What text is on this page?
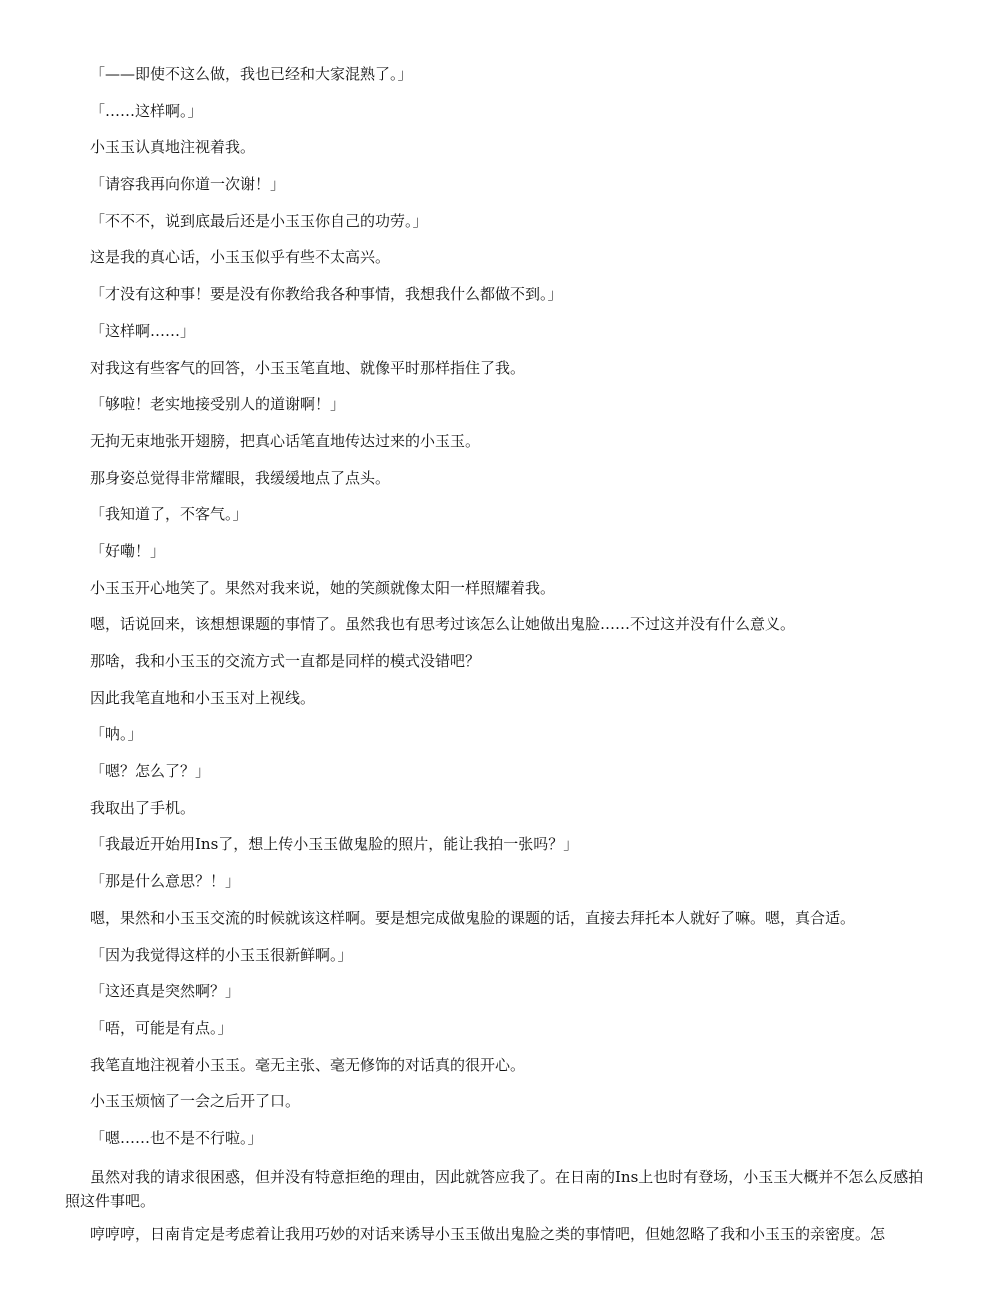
「——即使不这么做，我也已经和大家混熟了。」

「……这样啊。」

小玉玉认真地注视着我。

「请容我再向你道一次谢！」

「不不不，说到底最后还是小玉玉你自己的功劳。」

这是我的真心话，小玉玉似乎有些不太高兴。

「才没有这种事！要是没有你教给我各种事情，我想我什么都做不到。」

「这样啊……」

对我这有些客气的回答，小玉玉笔直地、就像平时那样指住了我。

「够啦！老实地接受别人的道谢啊！」

无拘无束地张开翅膀，把真心话笔直地传达过来的小玉玉。

那身姿总觉得非常耀眼，我缓缓地点了点头。

「我知道了，不客气。」

「好嘞！」

小玉玉开心地笑了。果然对我来说，她的笑颜就像太阳一样照耀着我。

嗯，话说回来，该想想课题的事情了。虽然我也有思考过该怎么让她做出鬼脸……不过这并没有什么意义。

那啥，我和小玉玉的交流方式一直都是同样的模式没错吧？

因此我笔直地和小玉玉对上视线。

「呐。」

「嗯？怎么了？」

我取出了手机。

「我最近开始用Ins了，想上传小玉玉做鬼脸的照片，能让我拍一张吗？」

「那是什么意思？！」

嗯，果然和小玉玉交流的时候就该这样啊。要是想完成做鬼脸的课题的话，直接去拜托本人就好了嘛。嗯，真合适。

「因为我觉得这样的小玉玉很新鲜啊。」

「这还真是突然啊？」

「唔，可能是有点。」

我笔直地注视着小玉玉。毫无主张、毫无修饰的对话真的很开心。

小玉玉烦恼了一会之后开了口。

「嗯……也不是不行啦。」

虽然对我的请求很困惑，但并没有特意拒绝的理由，因此就答应我了。在日南的Ins上也时有登场，小玉玉大概并不怎么反感拍照这件事吧。

哼哼哼，日南肯定是考虑着让我用巧妙的对话来诱导小玉玉做出鬼脸之类的事情吧，但她忽略了我和小玉玉的亲密度。怎
